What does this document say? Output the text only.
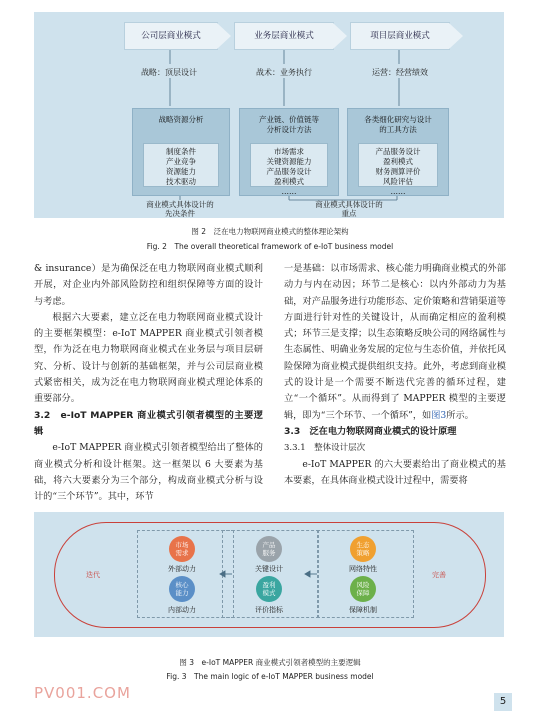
公司层商业模式	业务层商业模式	项目层商业模式
战略：顶层设计	战术：业务执行	运营：经营绩效
战略资源分析
制度条件
产业竞争
资源能力
技术驱动
产业链、价值链等
分析设计方法
市场需求
关键资源能力
产品服务设计
盈利模式
……
各类细化研究与设计
的工具方法
产品服务设计
盈利模式
财务测算评价
风险评估
……
商业模式具体设计的
先决条件
商业模式具体设计的
重点
图 2　泛在电力物联网商业模式的整体理论架构
Fig. 2　The overall theoretical framework of e-IoT business model

& insurance）是为确保泛在电力物联网商业模式顺利开展，对企业内外部风险防控和组织保障等方面的设计与考虑。

根据六大要素，建立泛在电力物联网商业模式设计的主要框架模型：e-IoT MAPPER 商业模式引领者模型，作为泛在电力物联网商业模式在业务层与项目层研究、分析、设计与创新的基础框架，并与公司层商业模式紧密相关，成为泛在电力物联网商业模式理论体系的重要部分。

3.2　e-IoT MAPPER 商业模式引领者模型的主要逻辑

e-IoT MAPPER 商业模式引领者模型给出了整体的商业模式分析和设计框架。这一框架以 6 大要素为基础，将六大要素分为三个部分，构成商业模式分析与设计的“三个环节”。其中，环节

一是基础：以市场需求、核心能力明确商业模式的外部动力与内在动因；环节二是核心：以内外部动力为基础，对产品服务进行功能形态、定价策略和营销渠道等方面进行针对性的关键设计，从而确定相应的盈利模式；环节三是支撑；以生态策略反映公司的网络属性与生态属性、明确业务发展的定位与生态价值，并依托风险保障为商业模式提供组织支持。此外，考虑到商业模式的设计是一个需要不断迭代完善的循环过程，建立“一个循环”。从而得到了 MAPPER 模型的主要逻辑，即为“三个环节、一个循环”，如图3所示。

3.3　泛在电力物联网商业模式的设计原理

3.3.1　整体设计层次

e-IoT MAPPER 的六大要素给出了商业模式的基本要素，在具体商业模式设计过程中，需要将

市场
需求
外部动力
核心
能力
内部动力
产品
服务
关键设计
盈利
模式
评价指标
生态
策略
网络特性
风险
保障
保障机制
迭代	完善
图 3　e-IoT MAPPER 商业模式引领者模型的主要逻辑
Fig. 3　The main logic of e-IoT MAPPER business model
PV001.COM	5
